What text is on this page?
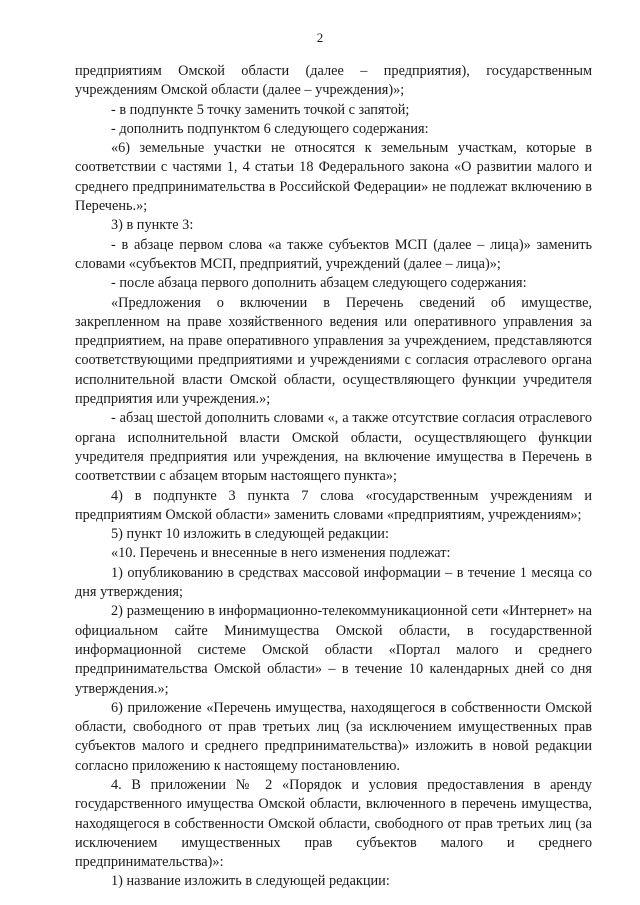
2

предприятиям Омской области (далее – предприятия), государственным учреждениям Омской области (далее – учреждения)»;

- в подпункте 5 точку заменить точкой с запятой;

- дополнить подпунктом 6 следующего содержания:

«6) земельные участки не относятся к земельным участкам, которые в соответствии с частями 1, 4 статьи 18 Федерального закона «О развитии малого и среднего предпринимательства в Российской Федерации» не подлежат включению в Перечень.»;

3) в пункте 3:

- в абзаце первом слова «а также субъектов МСП (далее – лица)» заменить словами «субъектов МСП, предприятий, учреждений (далее – лица)»;

- после абзаца первого дополнить абзацем следующего содержания:

«Предложения о включении в Перечень сведений об имуществе, закрепленном на праве хозяйственного ведения или оперативного управления за предприятием, на праве оперативного управления за учреждением, представляются соответствующими предприятиями и учреждениями с согласия отраслевого органа исполнительной власти Омской области, осуществляющего функции учредителя предприятия или учреждения.»;

- абзац шестой дополнить словами «, а также отсутствие согласия отраслевого органа исполнительной власти Омской области, осуществляющего функции учредителя предприятия или учреждения, на включение имущества в Перечень в соответствии с абзацем вторым настоящего пункта»;

4) в подпункте 3 пункта 7 слова «государственным учреждениям и предприятиям Омской области» заменить словами «предприятиям, учреждениям»;

5) пункт 10 изложить в следующей редакции:

«10. Перечень и внесенные в него изменения подлежат:

1) опубликованию в средствах массовой информации – в течение 1 месяца со дня утверждения;

2) размещению в информационно-телекоммуникационной сети «Интернет» на официальном сайте Минимущества Омской области, в государственной информационной системе Омской области «Портал малого и среднего предпринимательства Омской области» – в течение 10 календарных дней со дня утверждения.»;

6) приложение «Перечень имущества, находящегося в собственности Омской области, свободного от прав третьих лиц (за исключением имущественных прав субъектов малого и среднего предпринимательства)» изложить в новой редакции согласно приложению к настоящему постановлению.

4. В приложении № 2 «Порядок и условия предоставления в аренду государственного имущества Омской области, включенного в перечень имущества, находящегося в собственности Омской области, свободного от прав третьих лиц (за исключением имущественных прав субъектов малого и среднего предпринимательства)»:

1) название изложить в следующей редакции:
